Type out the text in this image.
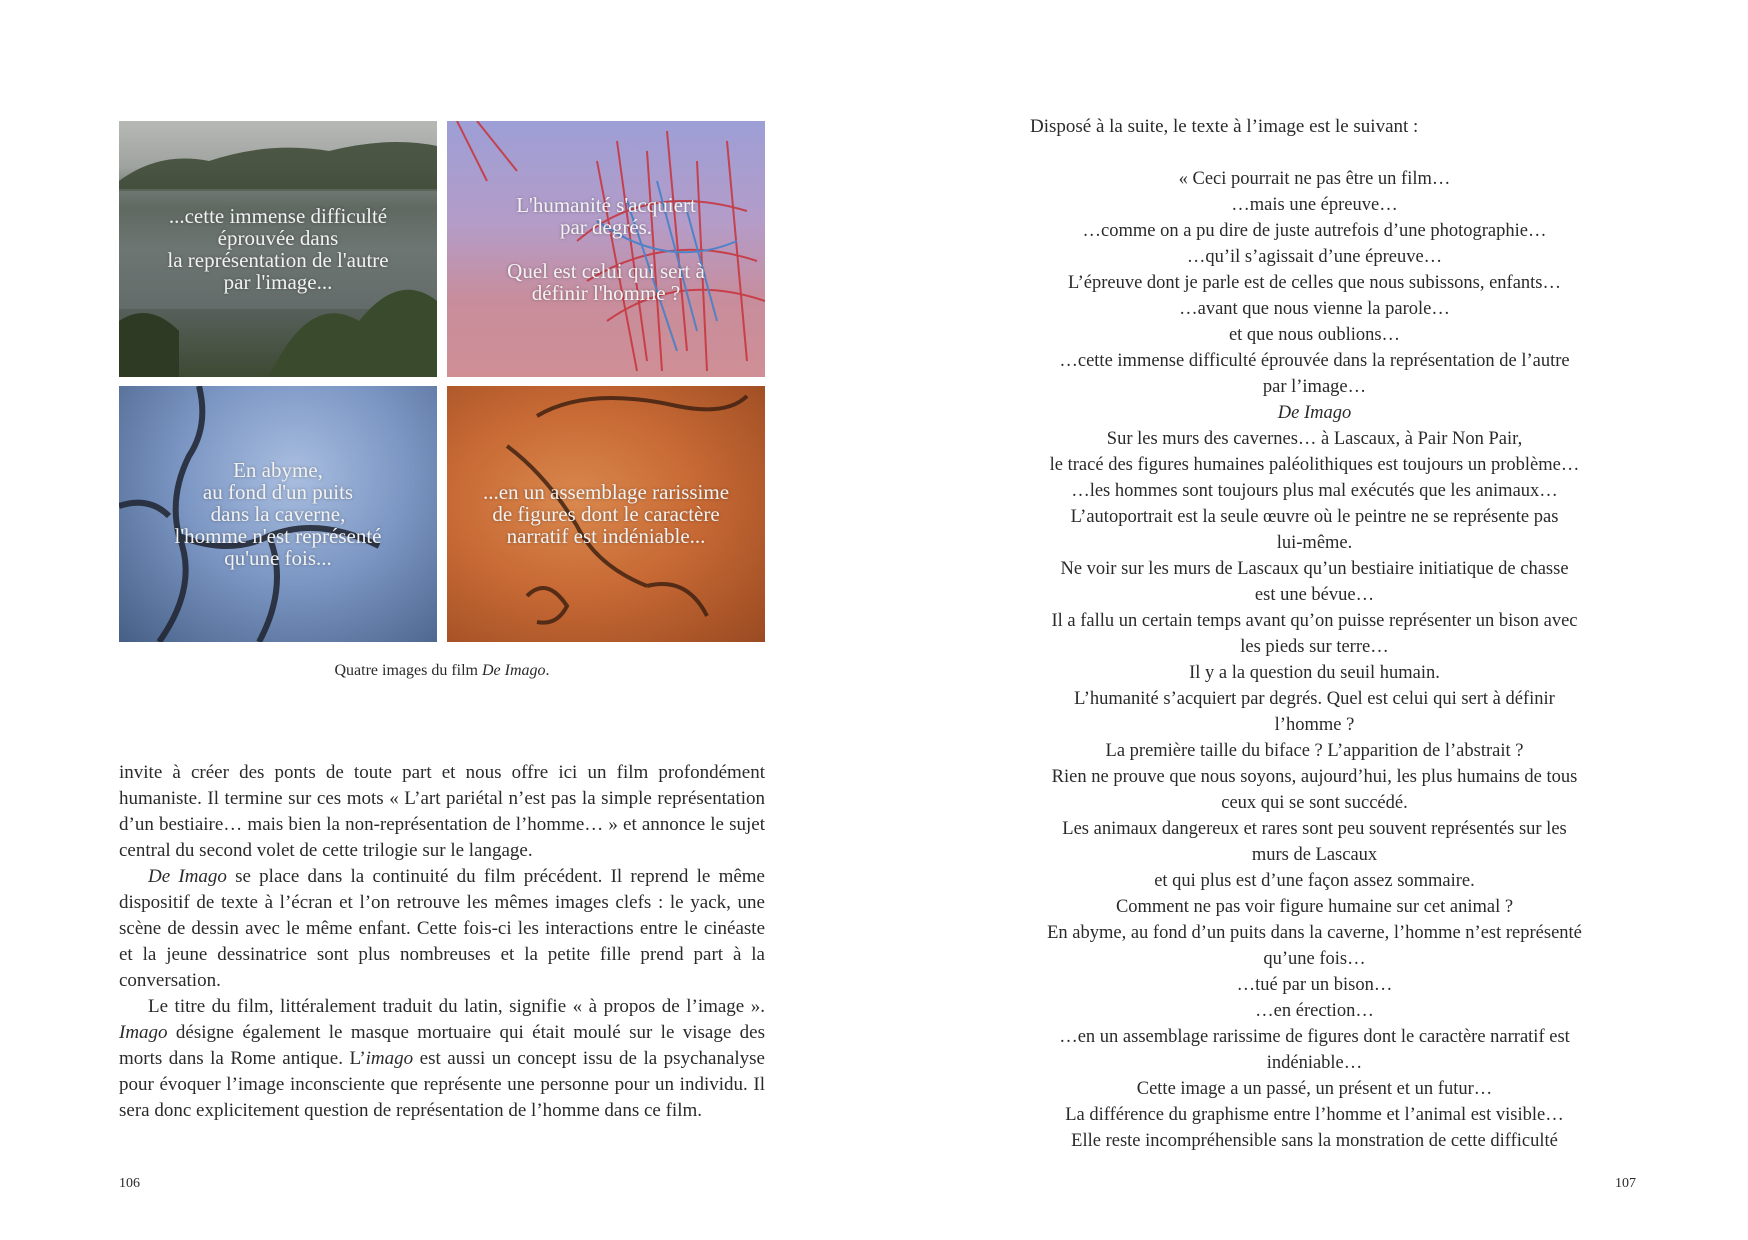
...cette immense difficulté
éprouvée dans
la représentation de l'autre
par l'image...
L'humanité s'acquiert
par degrés.
Quel est celui qui sert à
définir l'homme ?
En abyme,
au fond d'un puits
dans la caverne,
l'homme n'est représenté
qu'une fois...
...en un assemblage rarissime
de figures dont le caractère
narratif est indéniable...
Quatre images du film De Imago.

invite à créer des ponts de toute part et nous offre ici un film profondément humaniste. Il termine sur ces mots « L’art pariétal n’est pas la simple représentation d’un bestiaire… mais bien la non-représentation de l’homme… » et annonce le sujet central du second volet de cette trilogie sur le langage.

De Imago se place dans la continuité du film précédent. Il reprend le même dispositif de texte à l’écran et l’on retrouve les mêmes images clefs : le yack, une scène de dessin avec le même enfant. Cette fois-ci les interactions entre le cinéaste et la jeune dessinatrice sont plus nombreuses et la petite fille prend part à la conversation.

Le titre du film, littéralement traduit du latin, signifie « à propos de l’image ». Imago désigne également le masque mortuaire qui était moulé sur le visage des morts dans la Rome antique. L’imago est aussi un concept issu de la psychanalyse pour évoquer l’image inconsciente que représente une personne pour un individu. Il sera donc explicitement question de représentation de l’homme dans ce film.

106
Disposé à la suite, le texte à l’image est le suivant :
« Ceci pourrait ne pas être un film…
…mais une épreuve…
…comme on a pu dire de juste autrefois d’une photographie…
…qu’il s’agissait d’une épreuve…
L’épreuve dont je parle est de celles que nous subissons, enfants…
…avant que nous vienne la parole…
et que nous oublions…
…cette immense difficulté éprouvée dans la représentation de l’autre
par l’image…
De Imago
Sur les murs des cavernes… à Lascaux, à Pair Non Pair,
le tracé des figures humaines paléolithiques est toujours un problème…
…les hommes sont toujours plus mal exécutés que les animaux…
L’autoportrait est la seule œuvre où le peintre ne se représente pas
lui-même.
Ne voir sur les murs de Lascaux qu’un bestiaire initiatique de chasse
est une bévue…
Il a fallu un certain temps avant qu’on puisse représenter un bison avec
les pieds sur terre…
Il y a la question du seuil humain.
L’humanité s’acquiert par degrés. Quel est celui qui sert à définir
l’homme ?
La première taille du biface ? L’apparition de l’abstrait ?
Rien ne prouve que nous soyons, aujourd’hui, les plus humains de tous
ceux qui se sont succédé.
Les animaux dangereux et rares sont peu souvent représentés sur les
murs de Lascaux
et qui plus est d’une façon assez sommaire.
Comment ne pas voir figure humaine sur cet animal ?
En abyme, au fond d’un puits dans la caverne, l’homme n’est représenté
qu’une fois…
…tué par un bison…
…en érection…
…en un assemblage rarissime de figures dont le caractère narratif est
indéniable…
Cette image a un passé, un présent et un futur…
La différence du graphisme entre l’homme et l’animal est visible…
Elle reste incompréhensible sans la monstration de cette difficulté
107
